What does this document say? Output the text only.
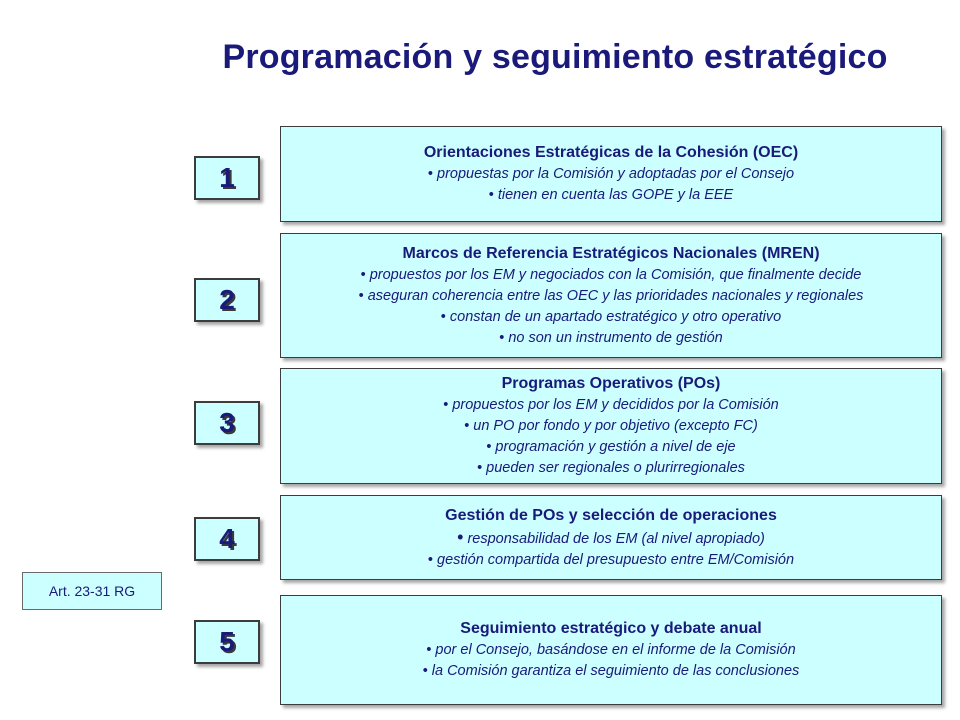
Programación y seguimiento estratégico
1
Orientaciones Estratégicas de la Cohesión (OEC)
• propuestas por la Comisión y adoptadas por el Consejo
• tienen en cuenta las GOPE y la EEE
2
Marcos de Referencia Estratégicos Nacionales (MREN)
• propuestos por los EM y negociados con la Comisión, que finalmente decide
• aseguran coherencia entre las OEC y las prioridades nacionales y regionales
• constan de un apartado estratégico y otro operativo
• no son un instrumento de gestión
3
Programas Operativos (POs)
• propuestos por los EM y decididos por la Comisión
• un PO por fondo y por objetivo (excepto FC)
• programación y gestión a nivel de eje
• pueden ser regionales o plurirregionales
4
Gestión de POs y selección de operaciones
• responsabilidad de los EM (al nivel apropiado)
• gestión compartida del presupuesto entre EM/Comisión
5	Seguimiento estratégico y debate anual
• por el Consejo, basándose en el informe de la Comisión
• la Comisión garantiza el seguimiento de las conclusiones
Art. 23-31 RG
